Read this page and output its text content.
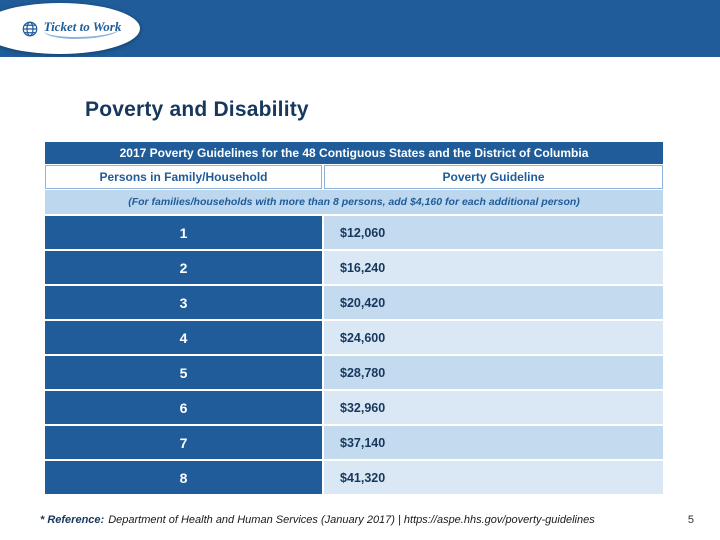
Ticket to Work
Poverty and Disability
2017 Poverty Guidelines for the 48 Contiguous States and the District of Columbia
Persons in Family/Household	Poverty Guideline
(For families/households with more than 8 persons, add $4,160 for each additional person)
1	$12,060
2	$16,240
3	$20,420
4	$24,600
5	$28,780
6	$32,960
7	$37,140
8	$41,320
* Reference: Department of Health and Human Services (January 2017) | https://aspe.hhs.gov/poverty-guidelines	5
